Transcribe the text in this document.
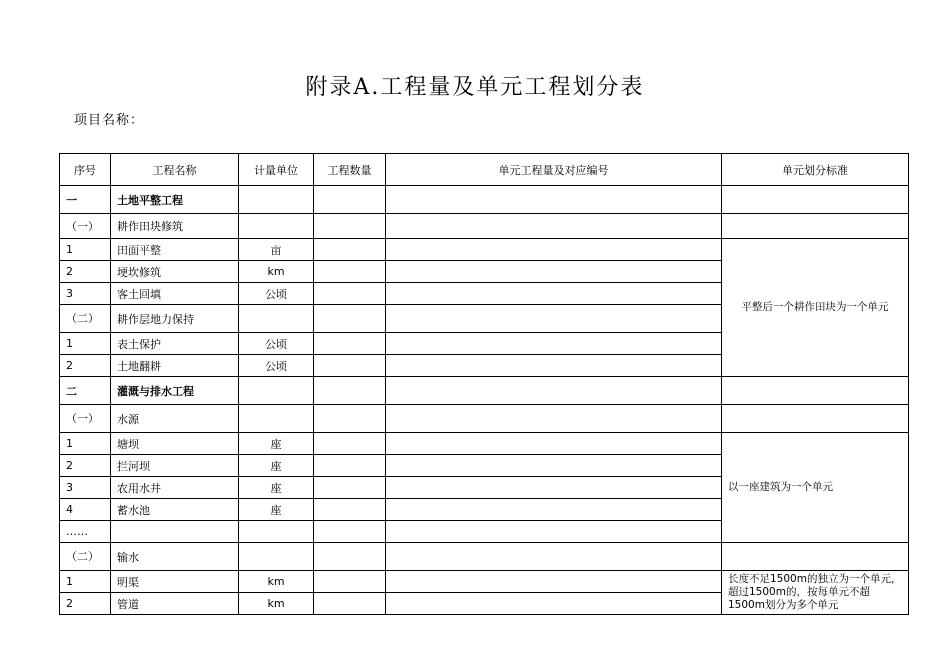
附录A.工程量及单元工程划分表
项目名称：
序号	工程名称	计量单位	工程数量	单元工程量及对应编号	单元划分标准
一	土地平整工程				
（一）	耕作田块修筑				
1	田面平整	亩			平整后一个耕作田块为一个单元
2	埂坎修筑	km			
3	客土回填	公顷			
（二）	耕作层地力保持				
1	表土保护	公顷			
2	土地翻耕	公顷			
二	灌溉与排水工程				
（一）	水源				
1	塘坝	座			以一座建筑为一个单元
2	拦河坝	座			
3	农用水井	座			
4	蓄水池	座			
……					
（二）	输水				
1	明渠	km			长度不足1500m的独立为一个单元，超过1500m的，按每单元不超1500m划分为多个单元
2	管道	km			
